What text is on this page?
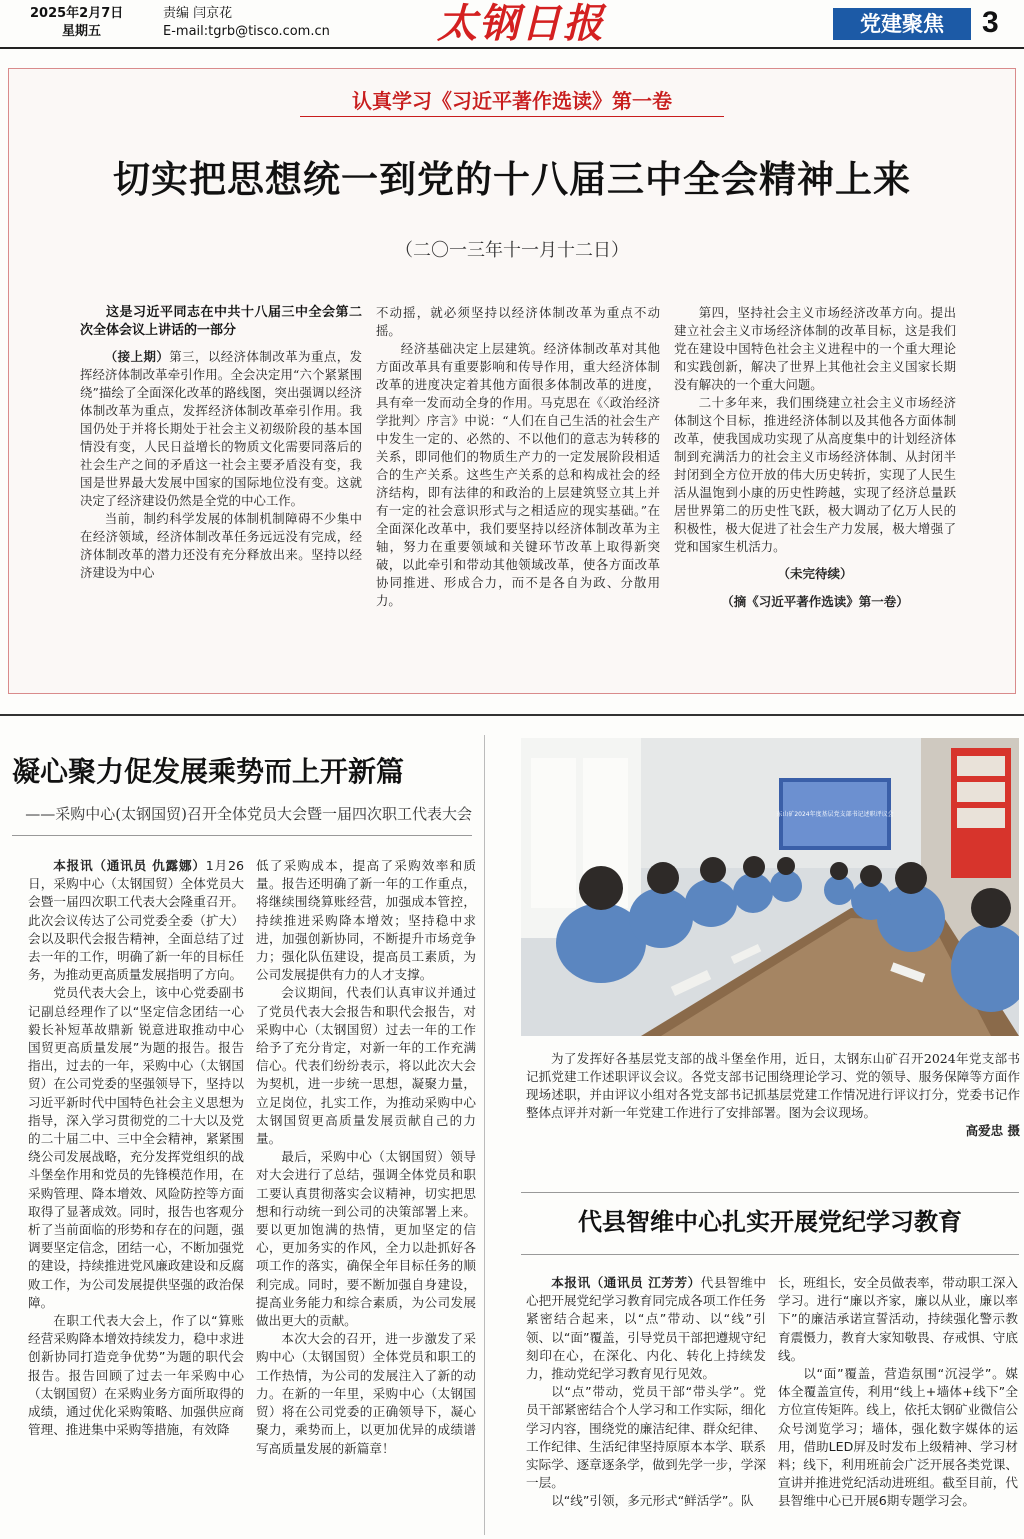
2025年2月7日
星期五
责编 闫京花
E-mail:tgrb@tisco.com.cn	太钢日报	党建聚焦	3
认真学习《习近平著作选读》第一卷
切实把思想统一到党的十八届三中全会精神上来
（二〇一三年十一月十二日）

这是习近平同志在中共十八届三中全会第二次全体会议上讲话的一部分

（接上期）第三，以经济体制改革为重点，发挥经济体制改革牵引作用。全会决定用“六个紧紧围绕”描绘了全面深化改革的路线图，突出强调以经济体制改革为重点，发挥经济体制改革牵引作用。我国仍处于并将长期处于社会主义初级阶段的基本国情没有变，人民日益增长的物质文化需要同落后的社会生产之间的矛盾这一社会主要矛盾没有变，我国是世界最大发展中国家的国际地位没有变。这就决定了经济建设仍然是全党的中心工作。

当前，制约科学发展的体制机制障碍不少集中在经济领域，经济体制改革任务远远没有完成，经济体制改革的潜力还没有充分释放出来。坚持以经济建设为中心

不动摇，就必须坚持以经济体制改革为重点不动摇。

经济基础决定上层建筑。经济体制改革对其他方面改革具有重要影响和传导作用，重大经济体制改革的进度决定着其他方面很多体制改革的进度，具有牵一发而动全身的作用。马克思在《〈政治经济学批判〉序言》中说：“人们在自己生活的社会生产中发生一定的、必然的、不以他们的意志为转移的关系，即同他们的物质生产力的一定发展阶段相适合的生产关系。这些生产关系的总和构成社会的经济结构，即有法律的和政治的上层建筑竖立其上并有一定的社会意识形式与之相适应的现实基础。”在全面深化改革中，我们要坚持以经济体制改革为主轴，努力在重要领域和关键环节改革上取得新突破，以此牵引和带动其他领域改革，使各方面改革协同推进、形成合力，而不是各自为政、分散用力。

第四，坚持社会主义市场经济改革方向。提出建立社会主义市场经济体制的改革目标，这是我们党在建设中国特色社会主义进程中的一个重大理论和实践创新，解决了世界上其他社会主义国家长期没有解决的一个重大问题。

二十多年来，我们围绕建立社会主义市场经济体制这个目标，推进经济体制以及其他各方面体制改革，使我国成功实现了从高度集中的计划经济体制到充满活力的社会主义市场经济体制、从封闭半封闭到全方位开放的伟大历史转折，实现了人民生活从温饱到小康的历史性跨越，实现了经济总量跃居世界第二的历史性飞跃，极大调动了亿万人民的积极性，极大促进了社会生产力发展，极大增强了党和国家生机活力。

（未完待续）

（摘《习近平著作选读》第一卷）

凝心聚力促发展乘势而上开新篇
——采购中心(太钢国贸)召开全体党员大会暨一届四次职工代表大会

本报讯（通讯员 仇露娜）1月26日，采购中心（太钢国贸）全体党员大会暨一届四次职工代表大会隆重召开。此次会议传达了公司党委全委（扩大）会以及职代会报告精神，全面总结了过去一年的工作，明确了新一年的目标任务，为推动更高质量发展指明了方向。

党员代表大会上，该中心党委副书记副总经理作了以“坚定信念团结一心 毅长补短革故鼎新 锐意进取推动中心国贸更高质量发展”为题的报告。报告指出，过去的一年，采购中心（太钢国贸）在公司党委的坚强领导下，坚持以习近平新时代中国特色社会主义思想为指导，深入学习贯彻党的二十大以及党的二十届二中、三中全会精神，紧紧围绕公司发展战略，充分发挥党组织的战斗堡垒作用和党员的先锋模范作用，在采购管理、降本增效、风险防控等方面取得了显著成效。同时，报告也客观分析了当前面临的形势和存在的问题，强调要坚定信念，团结一心，不断加强党的建设，持续推进党风廉政建设和反腐败工作，为公司发展提供坚强的政治保障。

在职工代表大会上，作了以“算账经营采购降本增效持续发力，稳中求进创新协同打造竞争优势”为题的职代会报告。报告回顾了过去一年采购中心（太钢国贸）在采购业务方面所取得的成绩，通过优化采购策略、加强供应商管理、推进集中采购等措施，有效降

低了采购成本，提高了采购效率和质量。报告还明确了新一年的工作重点，将继续围绕算账经营，加强成本管控，持续推进采购降本增效；坚持稳中求进，加强创新协同，不断提升市场竞争力；强化队伍建设，提高员工素质，为公司发展提供有力的人才支撑。

会议期间，代表们认真审议并通过了党员代表大会报告和职代会报告，对采购中心（太钢国贸）过去一年的工作给予了充分肯定，对新一年的工作充满信心。代表们纷纷表示，将以此次大会为契机，进一步统一思想，凝聚力量，立足岗位，扎实工作，为推动采购中心太钢国贸更高质量发展贡献自己的力量。

最后，采购中心（太钢国贸）领导对大会进行了总结，强调全体党员和职工要认真贯彻落实会议精神，切实把思想和行动统一到公司的决策部署上来。要以更加饱满的热情，更加坚定的信心，更加务实的作风，全力以赴抓好各项工作的落实，确保全年目标任务的顺利完成。同时，要不断加强自身建设，提高业务能力和综合素质，为公司发展做出更大的贡献。

本次大会的召开，进一步激发了采购中心（太钢国贸）全体党员和职工的工作热情，为公司的发展注入了新的动力。在新的一年里，采购中心（太钢国贸）将在公司党委的正确领导下，凝心聚力，乘势而上，以更加优异的成绩谱写高质量发展的新篇章！

东山矿2024年度基层党支部书记述职评议会
为了发挥好各基层党支部的战斗堡垒作用，近日，太钢东山矿召开2024年党支部书记抓党建工作述职评议会议。各党支部书记围绕理论学习、党的领导、服务保障等方面作现场述职，并由评议小组对各党支部书记抓基层党建工作情况进行评议打分，党委书记作整体点评并对新一年党建工作进行了安排部署。图为会议现场。
高爱忠 摄
代县智维中心扎实开展党纪学习教育

本报讯（通讯员 江芳芳）代县智维中心把开展党纪学习教育同完成各项工作任务紧密结合起来，以“点”带动、以“线”引领、以“面”覆盖，引导党员干部把遵规守纪刻印在心，在深化、内化、转化上持续发力，推动党纪学习教育见行见效。

以“点”带动，党员干部“带头学”。党员干部紧密结合个人学习和工作实际，细化学习内容，围绕党的廉洁纪律、群众纪律、工作纪律、生活纪律坚持原原本本学、联系实际学、逐章逐条学，做到先学一步，学深一层。

以“线”引领，多元形式“鲜活学”。队

长，班组长，安全员做表率，带动职工深入学习。进行“廉以齐家，廉以从业，廉以率下”的廉洁承诺宣誓活动，持续强化警示教育震慑力，教育大家知敬畏、存戒惧、守底线。

以“面”覆盖，营造氛围“沉浸学”。媒体全覆盖宣传，利用“线上+墙体+线下”全方位宣传矩阵。线上，依托太钢矿业微信公众号浏览学习；墙体，强化数字媒体的运用，借助LED屏及时发布上级精神、学习材料；线下，利用班前会广泛开展各类党课、宣讲并推进党纪活动进班组。截至目前，代县智维中心已开展6期专题学习会。
